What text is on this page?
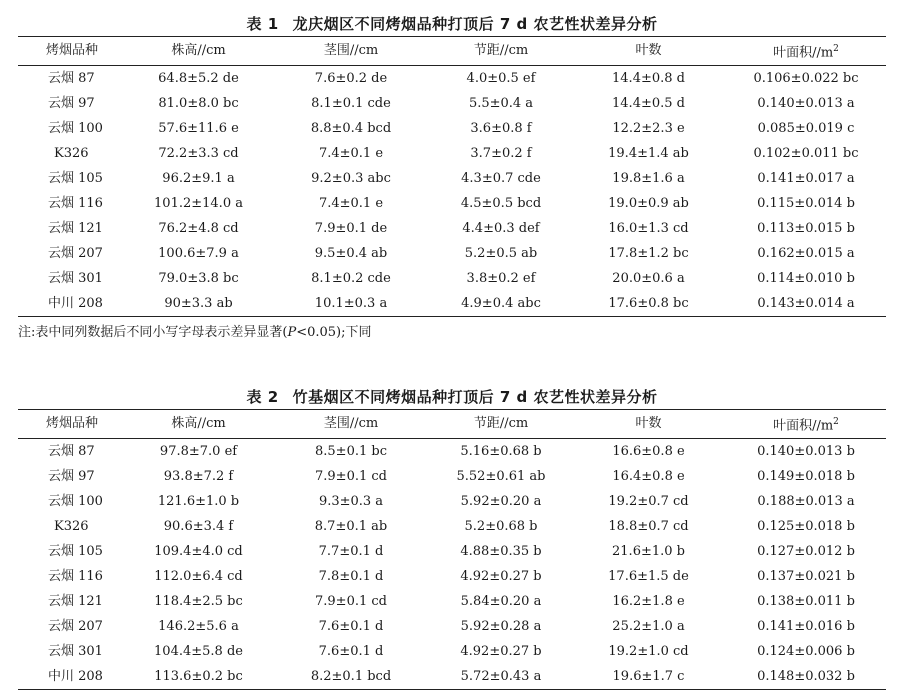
表 1 龙庆烟区不同烤烟品种打顶后 7 d 农艺性状差异分析
烤烟品种	株高//cm	茎围//cm	节距//cm	叶数	叶面积$//m^2$
云烟 87	64.8±5.2 de	7.6±0.2 de	4.0±0.5 ef	14.4±0.8 d	0.106±0.022 bc
云烟 97	81.0±8.0 bc	8.1±0.1 cde	5.5±0.4 a	14.4±0.5 d	0.140±0.013 a
云烟 100	57.6±11.6 e	8.8±0.4 bcd	3.6±0.8 f	12.2±2.3 e	0.085±0.019 c
K326	72.2±3.3 cd	7.4±0.1 e	3.7±0.2 f	19.4±1.4 ab	0.102±0.011 bc
云烟 105	96.2±9.1 a	9.2±0.3 abc	4.3±0.7 cde	19.8±1.6 a	0.141±0.017 a
云烟 116	101.2±14.0 a	7.4±0.1 e	4.5±0.5 bcd	19.0±0.9 ab	0.115±0.014 b
云烟 121	76.2±4.8 cd	7.9±0.1 de	4.4±0.3 def	16.0±1.3 cd	0.113±0.015 b
云烟 207	100.6±7.9 a	9.5±0.4 ab	5.2±0.5 ab	17.8±1.2 bc	0.162±0.015 a
云烟 301	79.0±3.8 bc	8.1±0.2 cde	3.8±0.2 ef	20.0±0.6 a	0.114±0.010 b
中川 208	90±3.3 ab	10.1±0.3 a	4.9±0.4 abc	17.6±0.8 bc	0.143±0.014 a
注:表中同列数据后不同小写字母表示差异显著(P<0.05);下同
表 2 竹基烟区不同烤烟品种打顶后 7 d 农艺性状差异分析
烤烟品种	株高//cm	茎围//cm	节距//cm	叶数	叶面积$//m^2$
云烟 87	97.8±7.0 ef	8.5±0.1 bc	5.16±0.68 b	16.6±0.8 e	0.140±0.013 b
云烟 97	93.8±7.2 f	7.9±0.1 cd	5.52±0.61 ab	16.4±0.8 e	0.149±0.018 b
云烟 100	121.6±1.0 b	9.3±0.3 a	5.92±0.20 a	19.2±0.7 cd	0.188±0.013 a
K326	90.6±3.4 f	8.7±0.1 ab	5.2±0.68 b	18.8±0.7 cd	0.125±0.018 b
云烟 105	109.4±4.0 cd	7.7±0.1 d	4.88±0.35 b	21.6±1.0 b	0.127±0.012 b
云烟 116	112.0±6.4 cd	7.8±0.1 d	4.92±0.27 b	17.6±1.5 de	0.137±0.021 b
云烟 121	118.4±2.5 bc	7.9±0.1 cd	5.84±0.20 a	16.2±1.8 e	0.138±0.011 b
云烟 207	146.2±5.6 a	7.6±0.1 d	5.92±0.28 a	25.2±1.0 a	0.141±0.016 b
云烟 301	104.4±5.8 de	7.6±0.1 d	4.92±0.27 b	19.2±1.0 cd	0.124±0.006 b
中川 208	113.6±0.2 bc	8.2±0.1 bcd	5.72±0.43 a	19.6±1.7 c	0.148±0.032 b
